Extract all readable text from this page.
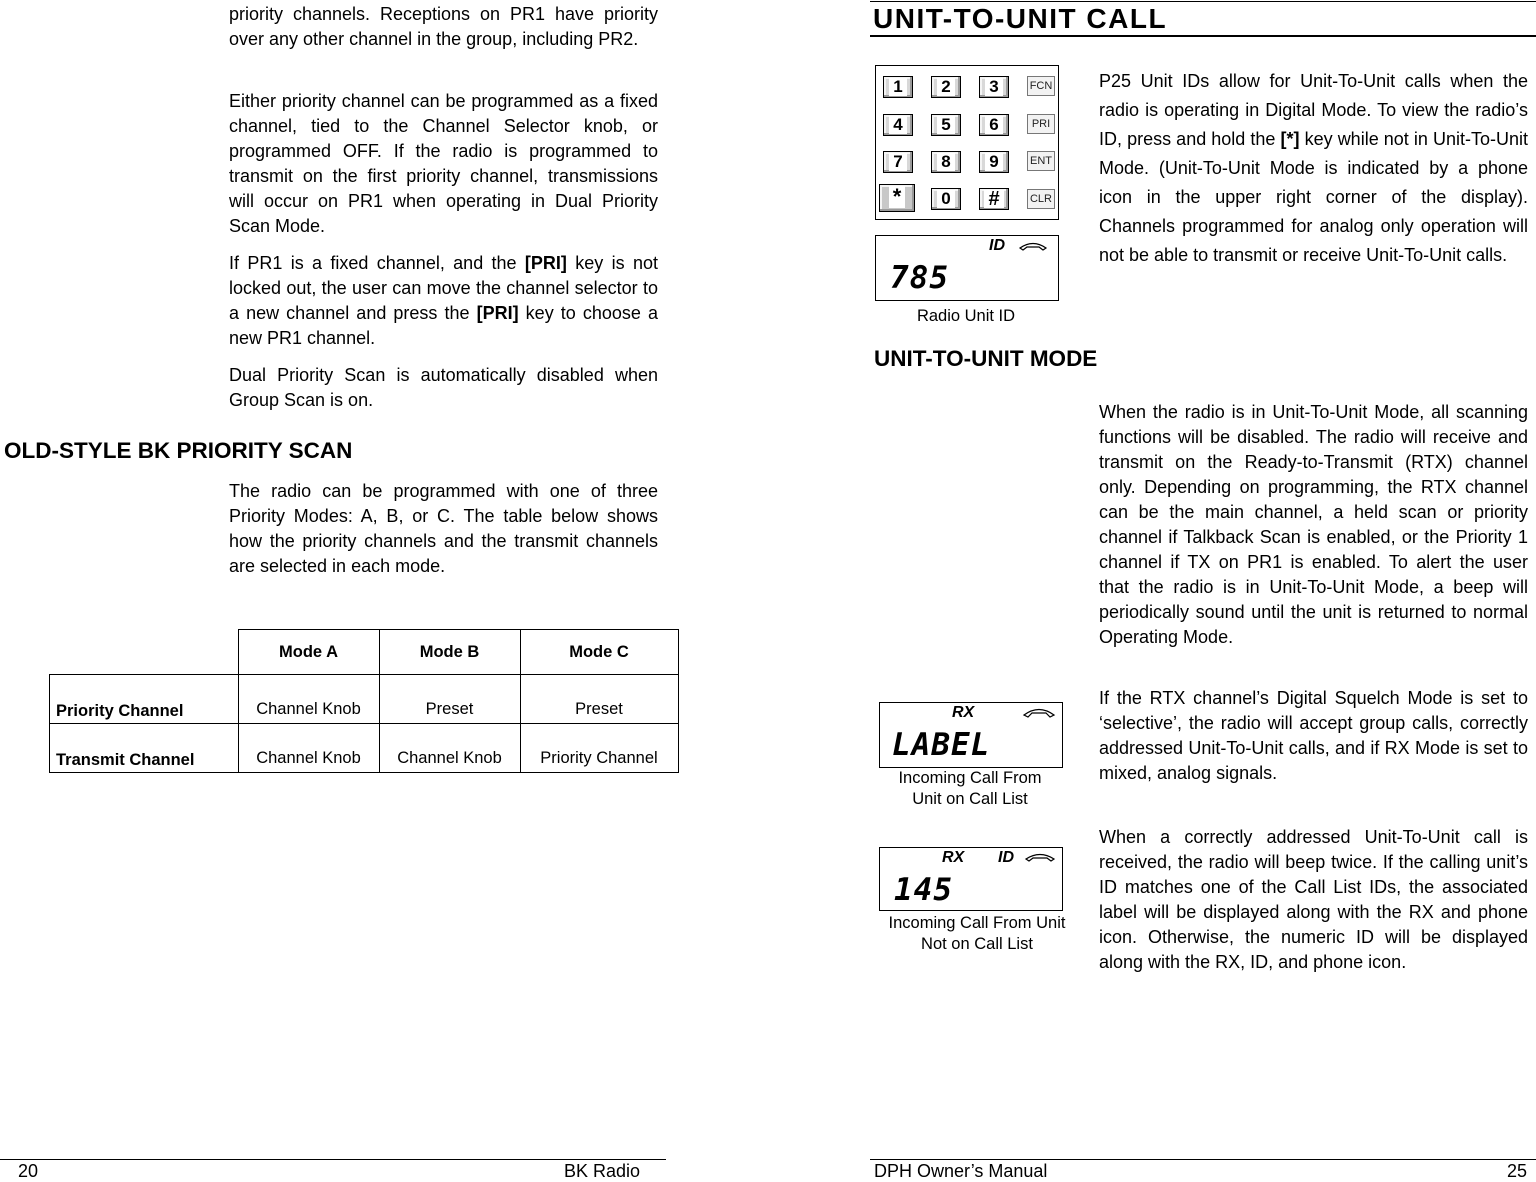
priority channels. Receptions on PR1 have priority over any other channel in the group, including PR2.

Either priority channel can be programmed as a fixed channel, tied to the Channel Selector knob, or programmed OFF. If the radio is programmed to transmit on the first priority channel, transmissions will occur on PR1 when operating in Dual Priority Scan Mode.

If PR1 is a fixed channel, and the [PRI] key is not locked out, the user can move the channel selector to a new channel and press the [PRI] key to choose a new PR1 channel.

Dual Priority Scan is automatically disabled when Group Scan is on.

OLD-STYLE BK PRIORITY SCAN

The radio can be programmed with one of three Priority Modes: A, B, or C. The table below shows how the priority channels and the transmit channels are selected in each mode.

	Mode A	Mode B	Mode C
Priority Channel	Channel Knob	Preset	Preset
Transmit Channel	Channel Knob	Channel Knob	Priority Channel
20	BK Radio
UNIT-TO-UNIT CALL
1	2	3	FCN
4	5	6	PRI
7	8	9	ENT
*	0	#	CLR
ID
785
Radio Unit ID

P25 Unit IDs allow for Unit-To-Unit calls when the radio is operating in Digital Mode. To view the radio’s ID, press and hold the [*] key while not in Unit-To-Unit Mode. (Unit-To-Unit Mode is indicated by a phone icon in the upper right corner of the display). Channels programmed for analog only operation will not be able to transmit or receive Unit-To-Unit calls.

UNIT-TO-UNIT MODE

When the radio is in Unit-To-Unit Mode, all scanning functions will be disabled. The radio will receive and transmit on the Ready-to-Transmit (RTX) channel only. Depending on programming, the RTX channel can be the main channel, a held scan or priority channel if Talkback Scan is enabled, or the Priority 1 channel if TX on PR1 is enabled. To alert the user that the radio is in Unit-To-Unit Mode, a beep will periodically sound until the unit is returned to normal Operating Mode.

If the RTX channel’s Digital Squelch Mode is set to ‘selective’, the radio will accept group calls, correctly addressed Unit-To-Unit calls, and if RX Mode is set to mixed, analog signals.

When a correctly addressed Unit-To-Unit call is received, the radio will beep twice. If the calling unit’s ID matches one of the Call List IDs, the associated label will be displayed along with the RX and phone icon. Otherwise, the numeric ID will be displayed along with the RX, ID, and phone icon.

RX
LABEL
Incoming Call From
Unit on Call List
RX ID
145
Incoming Call From Unit
Not on Call List
DPH Owner’s Manual	25
